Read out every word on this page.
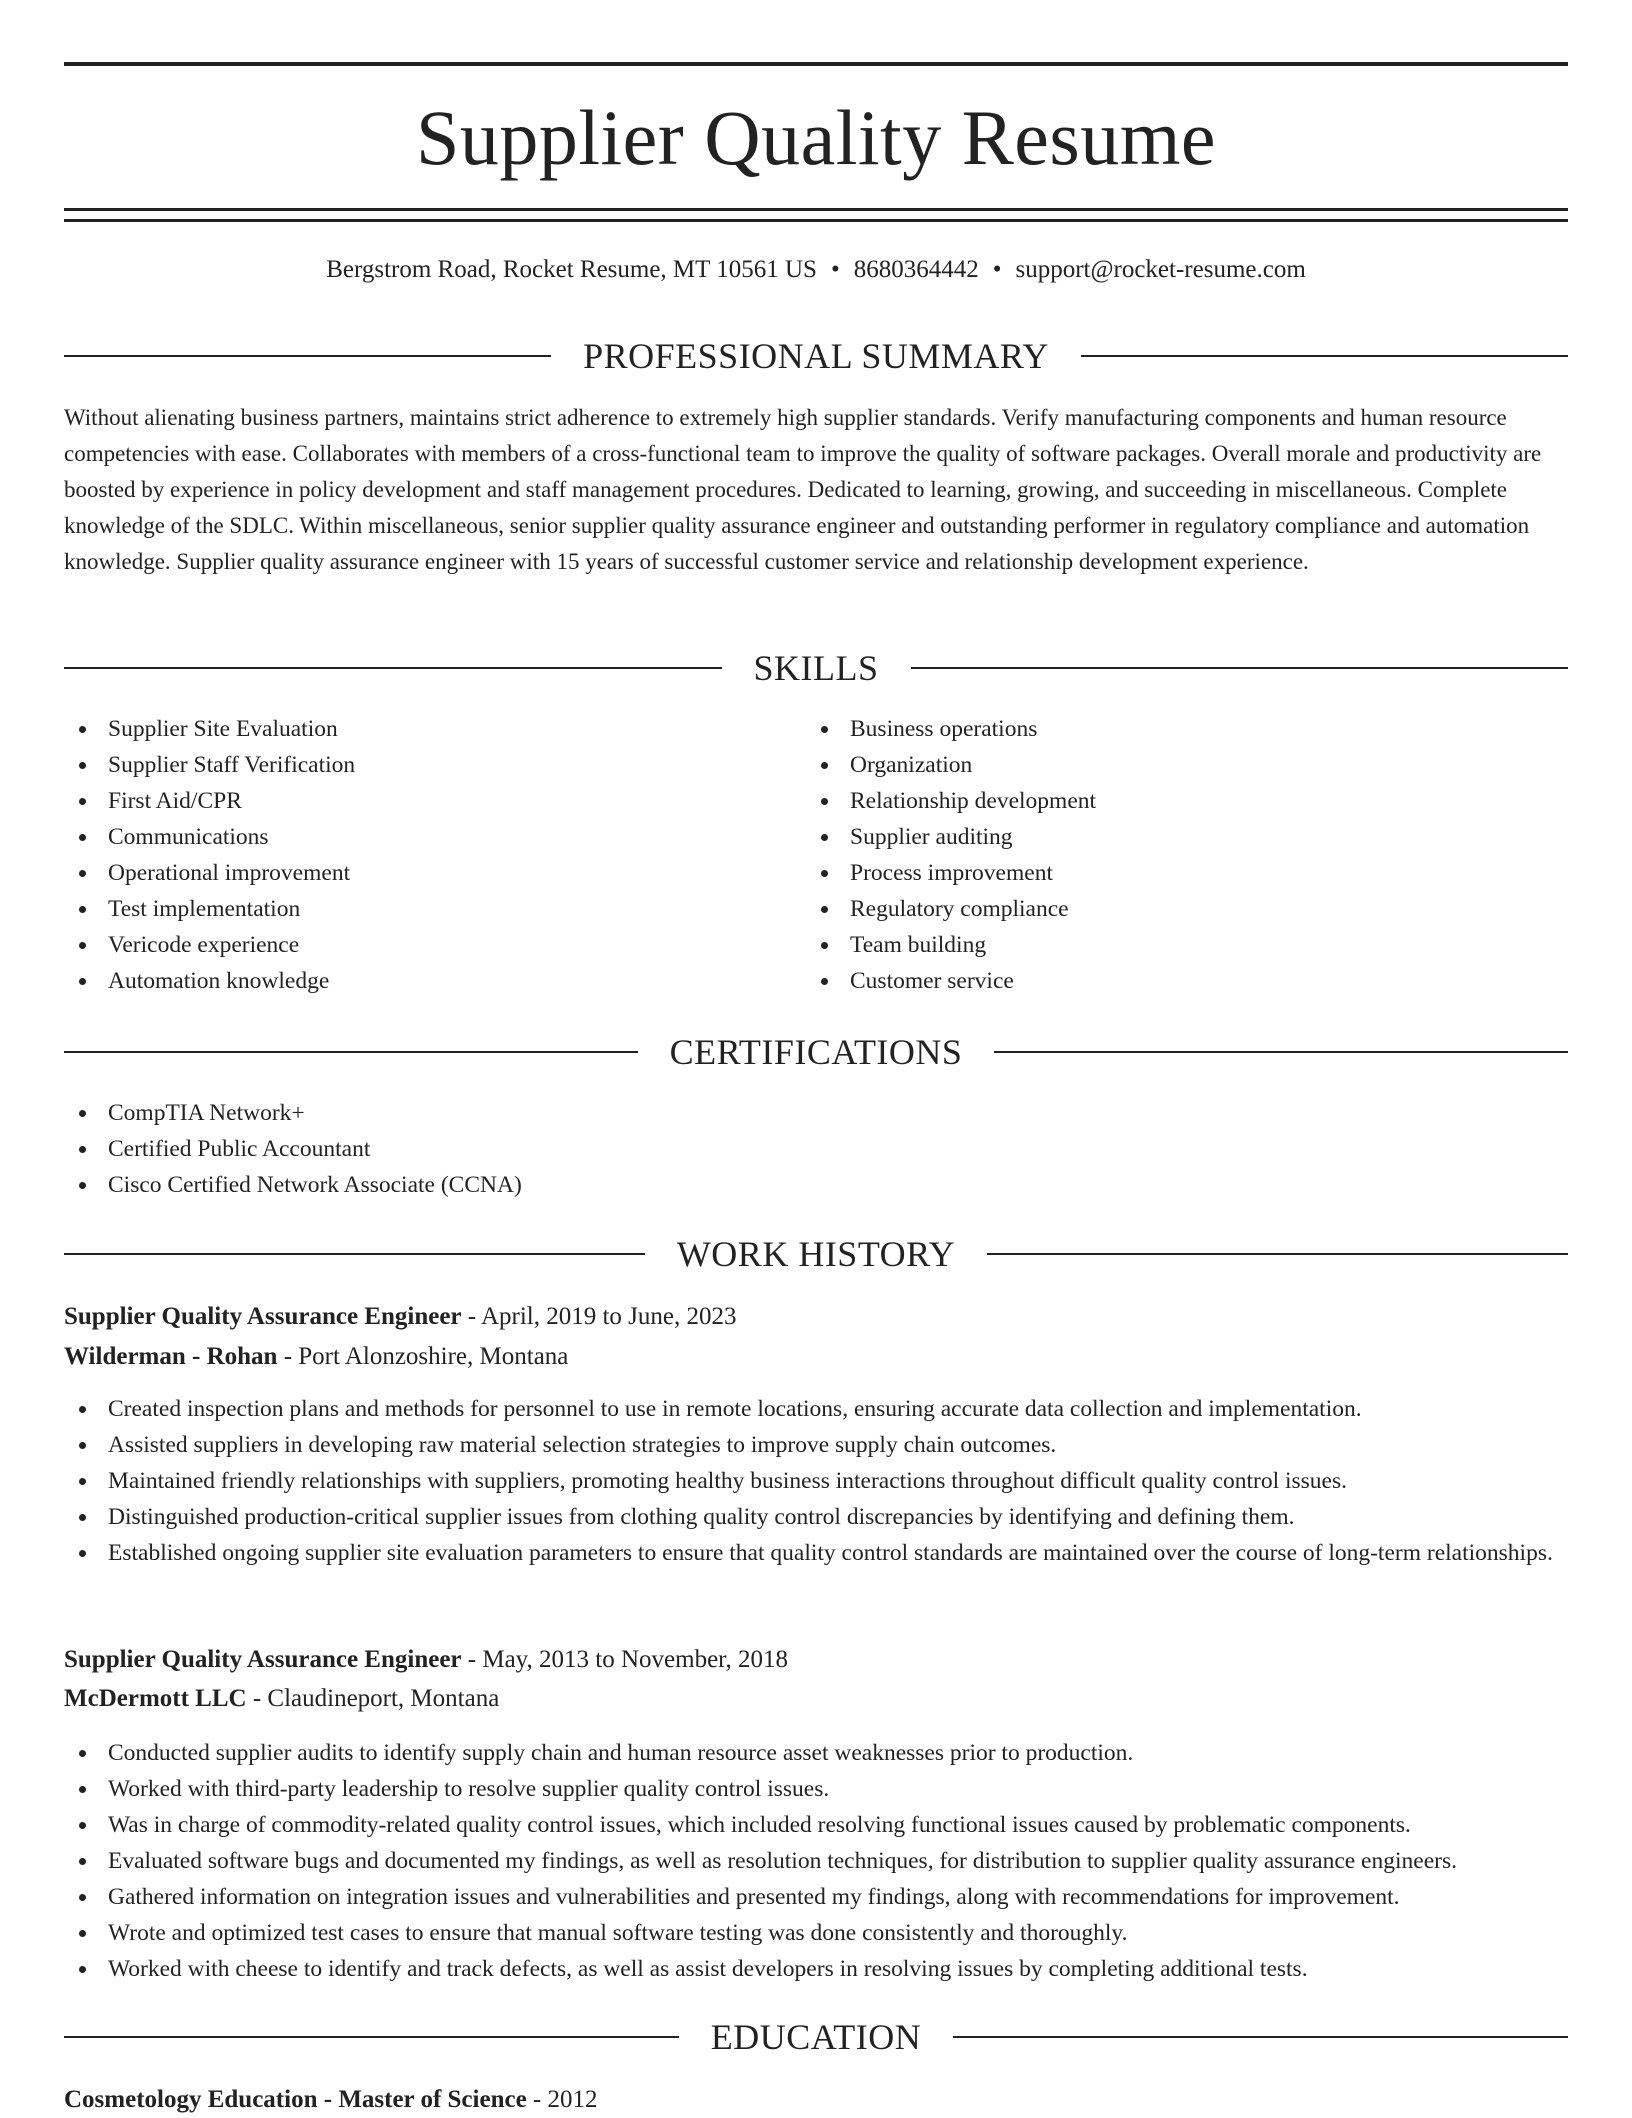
Supplier Quality Resume
Bergstrom Road, Rocket Resume, MT 10561 US • 8680364442 • support@rocket-resume.com
PROFESSIONAL SUMMARY

Without alienating business partners, maintains strict adherence to extremely high supplier standards. Verify manufacturing components and human resource competencies with ease. Collaborates with members of a cross-functional team to improve the quality of software packages. Overall morale and productivity are boosted by experience in policy development and staff management procedures. Dedicated to learning, growing, and succeeding in miscellaneous. Complete knowledge of the SDLC. Within miscellaneous, senior supplier quality assurance engineer and outstanding performer in regulatory compliance and automation knowledge. Supplier quality assurance engineer with 15 years of successful customer service and relationship development experience.

SKILLS
Supplier Site Evaluation
Supplier Staff Verification
First Aid/CPR
Communications
Operational improvement
Test implementation
Vericode experience
Automation knowledge
Business operations
Organization
Relationship development
Supplier auditing
Process improvement
Regulatory compliance
Team building
Customer service
CERTIFICATIONS
CompTIA Network+
Certified Public Accountant
Cisco Certified Network Associate (CCNA)
WORK HISTORY
Supplier Quality Assurance Engineer - April, 2019 to June, 2023
Wilderman - Rohan - Port Alonzoshire, Montana
Created inspection plans and methods for personnel to use in remote locations, ensuring accurate data collection and implementation.
Assisted suppliers in developing raw material selection strategies to improve supply chain outcomes.
Maintained friendly relationships with suppliers, promoting healthy business interactions throughout difficult quality control issues.
Distinguished production-critical supplier issues from clothing quality control discrepancies by identifying and defining them.
Established ongoing supplier site evaluation parameters to ensure that quality control standards are maintained over the course of long-term relationships.
Supplier Quality Assurance Engineer - May, 2013 to November, 2018
McDermott LLC - Claudineport, Montana
Conducted supplier audits to identify supply chain and human resource asset weaknesses prior to production.
Worked with third-party leadership to resolve supplier quality control issues.
Was in charge of commodity-related quality control issues, which included resolving functional issues caused by problematic components.
Evaluated software bugs and documented my findings, as well as resolution techniques, for distribution to supplier quality assurance engineers.
Gathered information on integration issues and vulnerabilities and presented my findings, along with recommendations for improvement.
Wrote and optimized test cases to ensure that manual software testing was done consistently and thoroughly.
Worked with cheese to identify and track defects, as well as assist developers in resolving issues by completing additional tests.
EDUCATION
Cosmetology Education - Master of Science - 2012
